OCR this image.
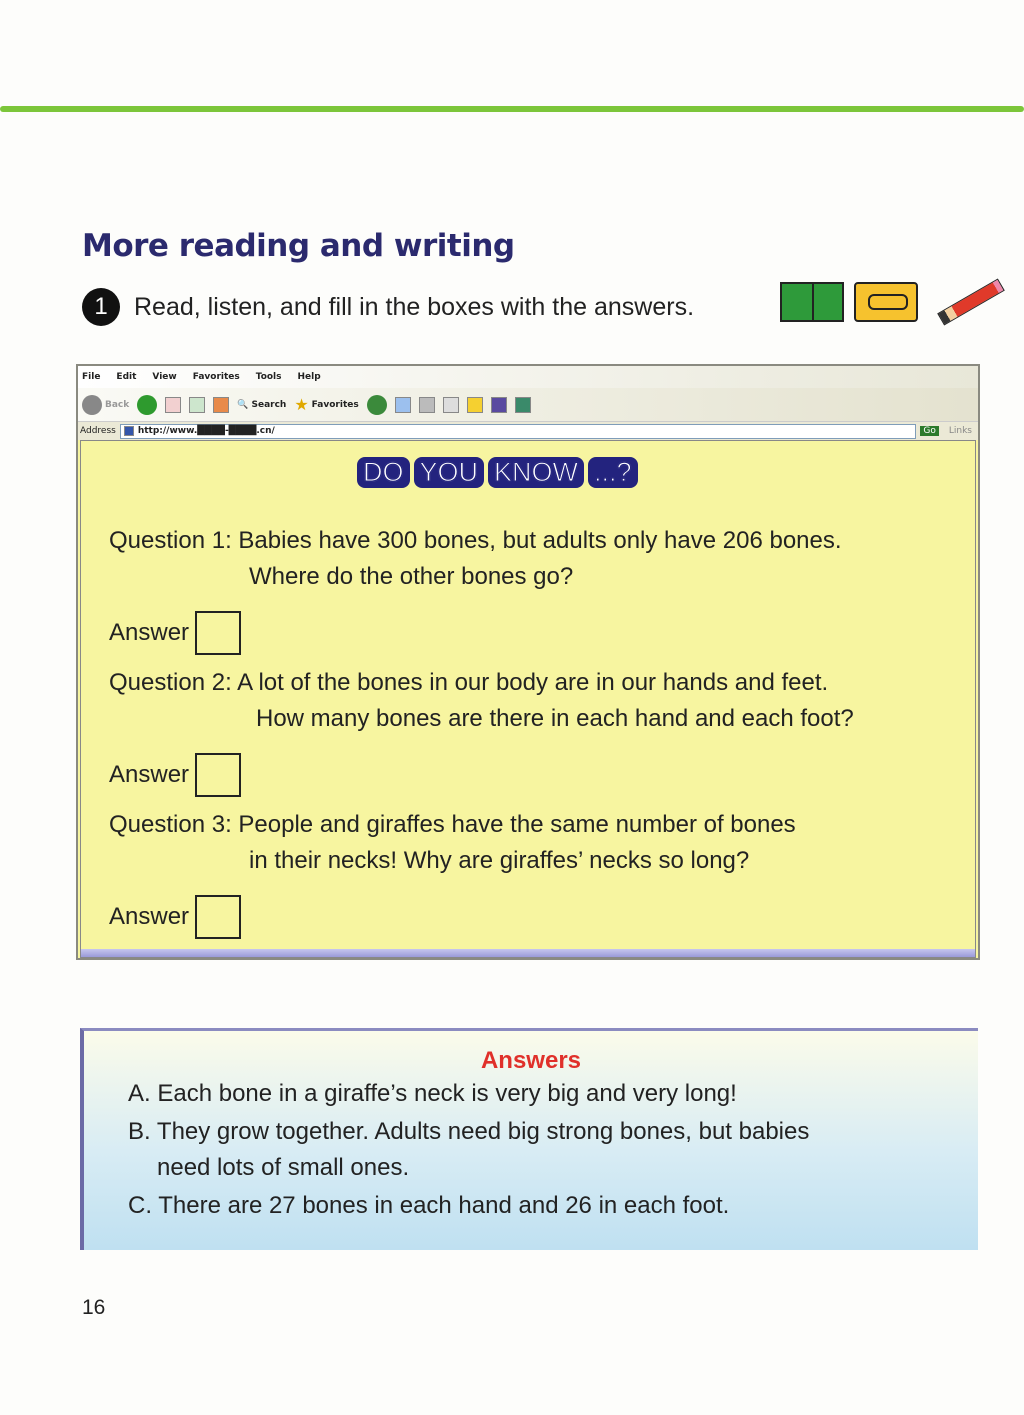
More reading and writing
1	Read, listen, and fill in the boxes with the answers.
File Edit View Favorites Tools Help
Back	🔍 Search ★ Favorites
Address http://www.████-████.cn/	Go	Links
DO YOU KNOW ...?
Question 1: Babies have 300 bones, but adults only have 206 bones.
Where do the other bones go?
Answer
Question 2: A lot of the bones in our body are in our hands and feet.
How many bones are there in each hand and each foot?
Answer
Question 3: People and giraffes have the same number of bones
in their necks! Why are giraffes’ necks so long?
Answer
Answers

A. Each bone in a giraffe’s neck is very big and very long!

B. They grow together. Adults need big strong bones, but babies

need lots of small ones.

C. There are 27 bones in each hand and 26 in each foot.

16
